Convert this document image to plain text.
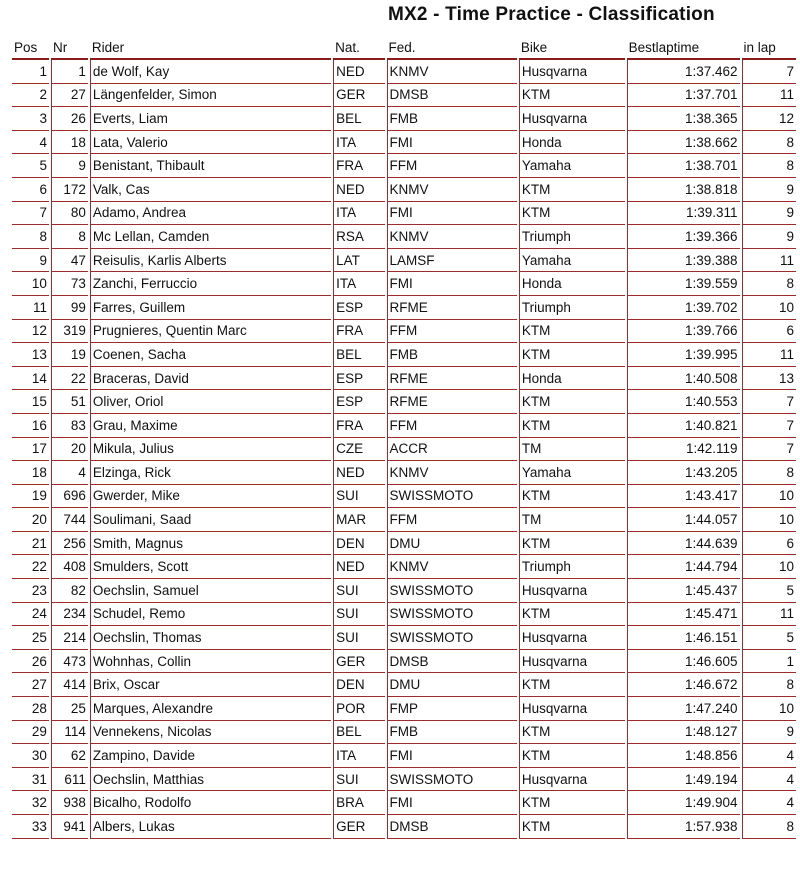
MX2 - Time Practice - Classification
Pos	Nr	Rider	Nat.	Fed.	Bike	Bestlaptime	in lap
1	1	de Wolf, Kay	NED	KNMV	Husqvarna	1:37.462	7
2	27	Längenfelder, Simon	GER	DMSB	KTM	1:37.701	11
3	26	Everts, Liam	BEL	FMB	Husqvarna	1:38.365	12
4	18	Lata, Valerio	ITA	FMI	Honda	1:38.662	8
5	9	Benistant, Thibault	FRA	FFM	Yamaha	1:38.701	8
6	172	Valk, Cas	NED	KNMV	KTM	1:38.818	9
7	80	Adamo, Andrea	ITA	FMI	KTM	1:39.311	9
8	8	Mc Lellan, Camden	RSA	KNMV	Triumph	1:39.366	9
9	47	Reisulis, Karlis Alberts	LAT	LAMSF	Yamaha	1:39.388	11
10	73	Zanchi, Ferruccio	ITA	FMI	Honda	1:39.559	8
11	99	Farres, Guillem	ESP	RFME	Triumph	1:39.702	10
12	319	Prugnieres, Quentin Marc	FRA	FFM	KTM	1:39.766	6
13	19	Coenen, Sacha	BEL	FMB	KTM	1:39.995	11
14	22	Braceras, David	ESP	RFME	Honda	1:40.508	13
15	51	Oliver, Oriol	ESP	RFME	KTM	1:40.553	7
16	83	Grau, Maxime	FRA	FFM	KTM	1:40.821	7
17	20	Mikula, Julius	CZE	ACCR	TM	1:42.119	7
18	4	Elzinga, Rick	NED	KNMV	Yamaha	1:43.205	8
19	696	Gwerder, Mike	SUI	SWISSMOTO	KTM	1:43.417	10
20	744	Soulimani, Saad	MAR	FFM	TM	1:44.057	10
21	256	Smith, Magnus	DEN	DMU	KTM	1:44.639	6
22	408	Smulders, Scott	NED	KNMV	Triumph	1:44.794	10
23	82	Oechslin, Samuel	SUI	SWISSMOTO	Husqvarna	1:45.437	5
24	234	Schudel, Remo	SUI	SWISSMOTO	KTM	1:45.471	11
25	214	Oechslin, Thomas	SUI	SWISSMOTO	Husqvarna	1:46.151	5
26	473	Wohnhas, Collin	GER	DMSB	Husqvarna	1:46.605	1
27	414	Brix, Oscar	DEN	DMU	KTM	1:46.672	8
28	25	Marques, Alexandre	POR	FMP	Husqvarna	1:47.240	10
29	114	Vennekens, Nicolas	BEL	FMB	KTM	1:48.127	9
30	62	Zampino, Davide	ITA	FMI	KTM	1:48.856	4
31	611	Oechslin, Matthias	SUI	SWISSMOTO	Husqvarna	1:49.194	4
32	938	Bicalho, Rodolfo	BRA	FMI	KTM	1:49.904	4
33	941	Albers, Lukas	GER	DMSB	KTM	1:57.938	8
